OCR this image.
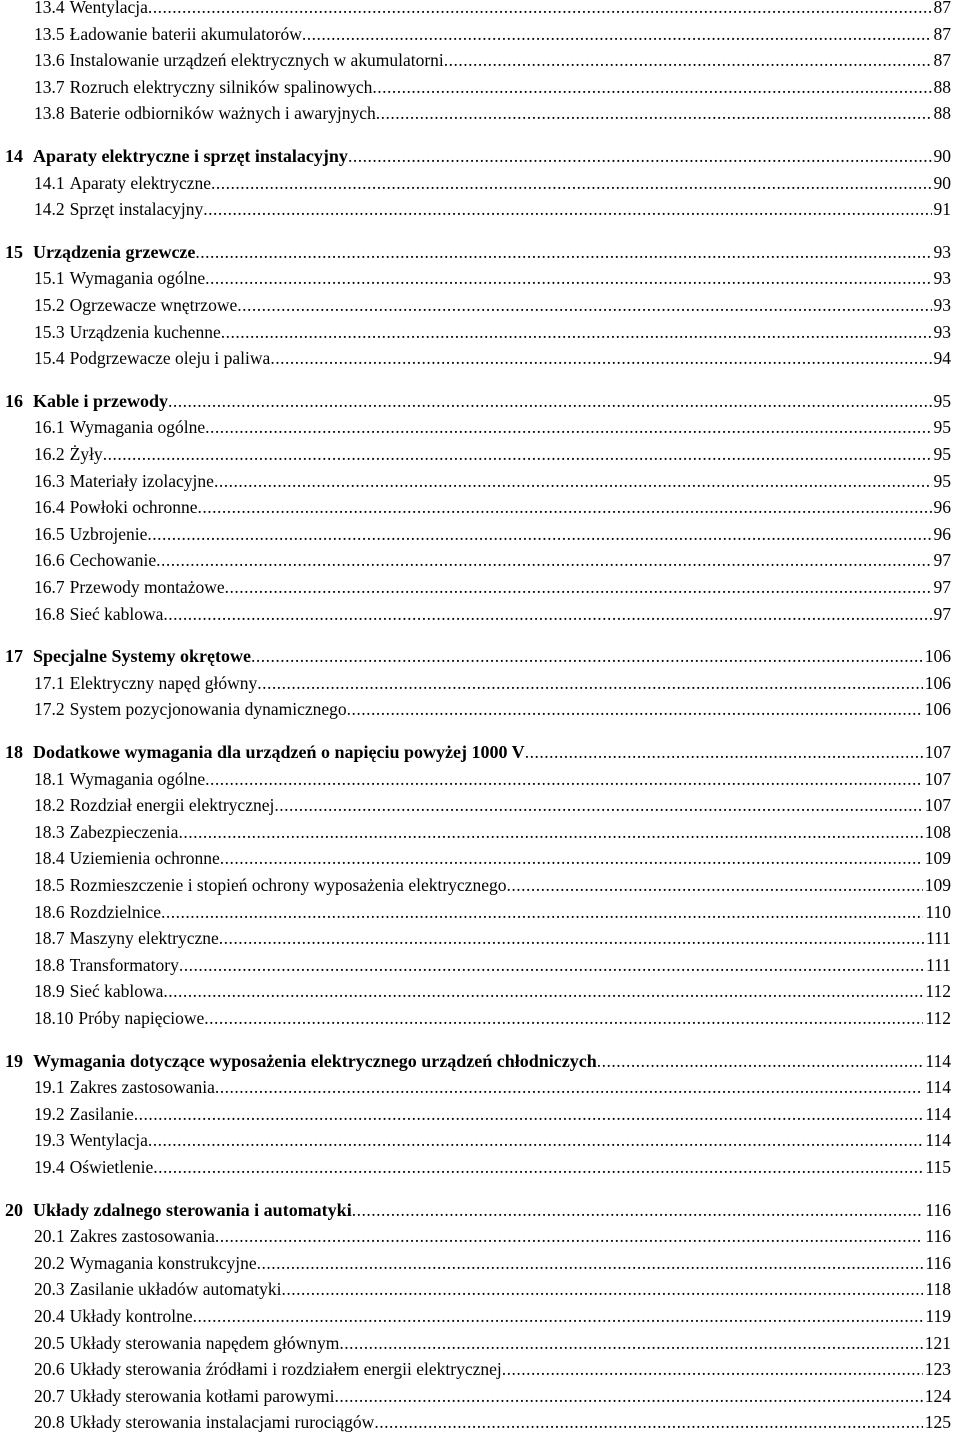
13.4 Wentylacja .....	87
13.5 Ładowanie baterii akumulatorów .....	87
13.6 Instalowanie urządzeń elektrycznych w akumulatorni .....	87
13.7 Rozruch elektryczny silników spalinowych .....	88
13.8 Baterie odbiorników ważnych i awaryjnych .....	88
14 Aparaty elektryczne i sprzęt instalacyjny .....	90
14.1 Aparaty elektryczne .....	90
14.2 Sprzęt instalacyjny .....	91
15 Urządzenia grzewcze .....	93
15.1 Wymagania ogólne .....	93
15.2 Ogrzewacze wnętrzowe .....	93
15.3 Urządzenia kuchenne .....	93
15.4 Podgrzewacze oleju i paliwa .....	94
16 Kable i przewody .....	95
16.1 Wymagania ogólne .....	95
16.2 Żyły .....	95
16.3 Materiały izolacyjne .....	95
16.4 Powłoki ochronne .....	96
16.5 Uzbrojenie .....	96
16.6 Cechowanie .....	97
16.7 Przewody montażowe .....	97
16.8 Sieć kablowa .....	97
17 Specjalne Systemy okrętowe .....	106
17.1 Elektryczny napęd główny .....	106
17.2 System pozycjonowania dynamicznego .....	106
18 Dodatkowe wymagania dla urządzeń o napięciu powyżej 1000 V .....	107
18.1 Wymagania ogólne .....	107
18.2 Rozdział energii elektrycznej .....	107
18.3 Zabezpieczenia .....	108
18.4 Uziemienia ochronne .....	109
18.5 Rozmieszczenie i stopień ochrony wyposażenia elektrycznego .....	109
18.6 Rozdzielnice .....	110
18.7 Maszyny elektryczne .....	111
18.8 Transformatory .....	111
18.9 Sieć kablowa .....	112
18.10 Próby napięciowe .....	112
19 Wymagania dotyczące wyposażenia elektrycznego urządzeń chłodniczych .....	114
19.1 Zakres zastosowania .....	114
19.2 Zasilanie .....	114
19.3 Wentylacja .....	114
19.4 Oświetlenie .....	115
20 Układy zdalnego sterowania i automatyki .....	116
20.1 Zakres zastosowania .....	116
20.2 Wymagania konstrukcyjne .....	116
20.3 Zasilanie układów automatyki .....	118
20.4 Układy kontrolne .....	119
20.5 Układy sterowania napędem głównym .....	121
20.6 Układy sterowania źródłami i rozdziałem energii elektrycznej .....	123
20.7 Układy sterowania kotłami parowymi .....	124
20.8 Układy sterowania instalacjami rurociągów .....	125
